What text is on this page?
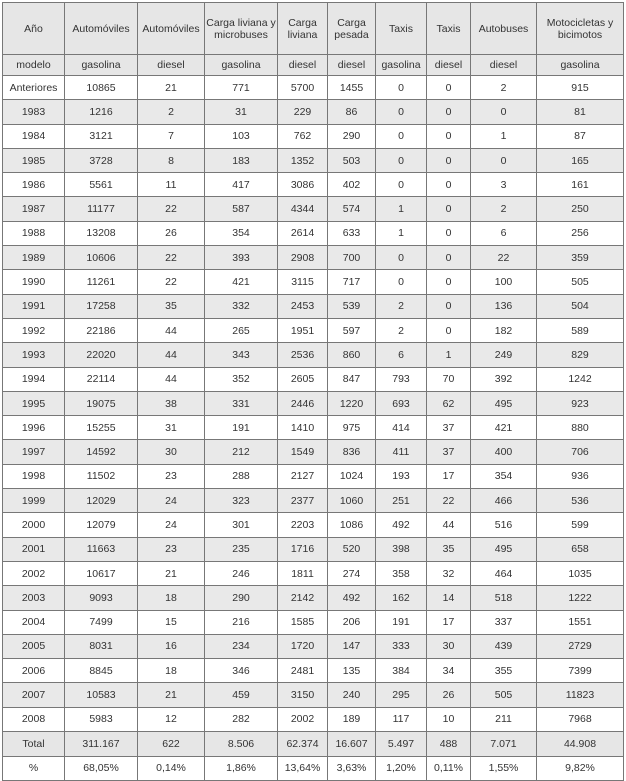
Año	Automóviles	Automóviles	Carga liviana y microbuses	Carga liviana	Carga pesada	Taxis	Taxis	Autobuses	Motocicletas y bicimotos
modelo	gasolina	diesel	gasolina	diesel	diesel	gasolina	diesel	diesel	gasolina
Anteriores	10865	21	771	5700	1455	0	0	2	915
1983	1216	2	31	229	86	0	0	0	81
1984	3121	7	103	762	290	0	0	1	87
1985	3728	8	183	1352	503	0	0	0	165
1986	5561	11	417	3086	402	0	0	3	161
1987	11177	22	587	4344	574	1	0	2	250
1988	13208	26	354	2614	633	1	0	6	256
1989	10606	22	393	2908	700	0	0	22	359
1990	11261	22	421	3115	717	0	0	100	505
1991	17258	35	332	2453	539	2	0	136	504
1992	22186	44	265	1951	597	2	0	182	589
1993	22020	44	343	2536	860	6	1	249	829
1994	22114	44	352	2605	847	793	70	392	1242
1995	19075	38	331	2446	1220	693	62	495	923
1996	15255	31	191	1410	975	414	37	421	880
1997	14592	30	212	1549	836	411	37	400	706
1998	11502	23	288	2127	1024	193	17	354	936
1999	12029	24	323	2377	1060	251	22	466	536
2000	12079	24	301	2203	1086	492	44	516	599
2001	11663	23	235	1716	520	398	35	495	658
2002	10617	21	246	1811	274	358	32	464	1035
2003	9093	18	290	2142	492	162	14	518	1222
2004	7499	15	216	1585	206	191	17	337	1551
2005	8031	16	234	1720	147	333	30	439	2729
2006	8845	18	346	2481	135	384	34	355	7399
2007	10583	21	459	3150	240	295	26	505	11823
2008	5983	12	282	2002	189	117	10	211	7968
Total	311.167	622	8.506	62.374	16.607	5.497	488	7.071	44.908
%	68,05%	0,14%	1,86%	13,64%	3,63%	1,20%	0,11%	1,55%	9,82%
